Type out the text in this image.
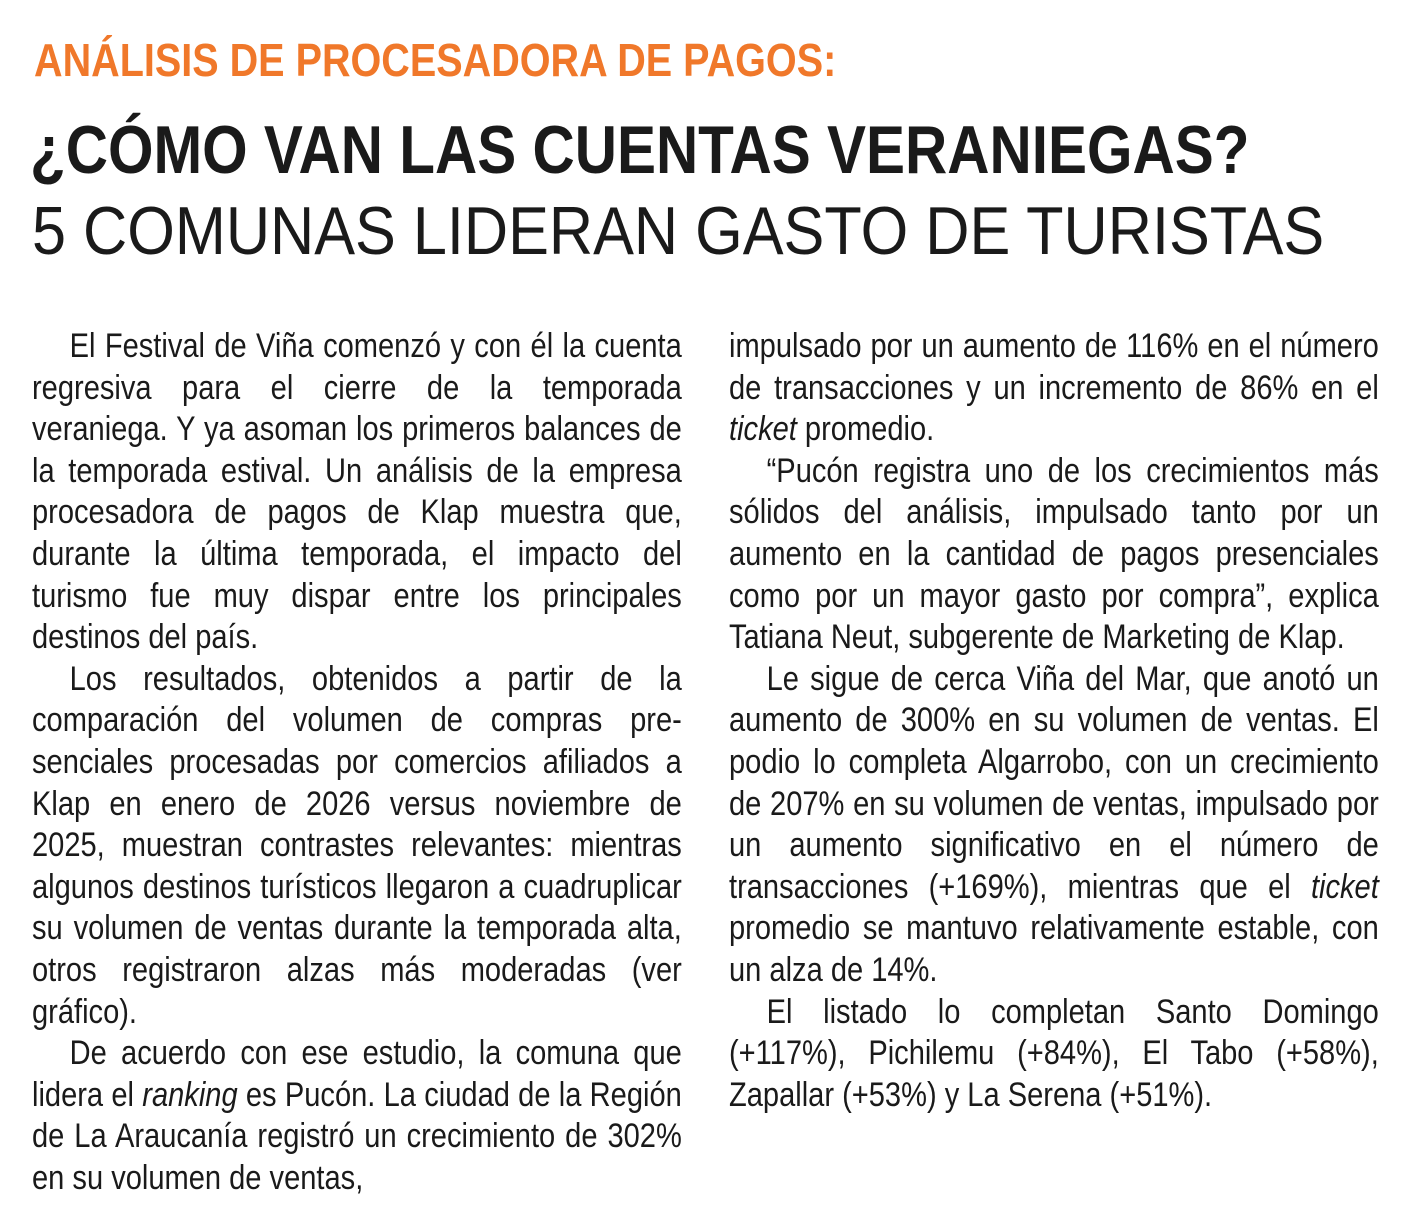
ANÁLISIS DE PROCESADORA DE PAGOS:
¿CÓMO VAN LAS CUENTAS VERANIEGAS?
5 COMUNAS LIDERAN GASTO DE TURISTAS

El Festival de Viña comenzó y con él la cuenta regresiva para el cierre de la temporada veraniega. Y ya asoman los primeros balances de la temporada estival. Un análisis de la empresa procesadora de pagos de Klap muestra que, durante la última temporada, el impacto del turismo fue muy dispar entre los principales destinos del país.

Los resultados, obtenidos a partir de la comparación del volumen de compras presenciales procesadas por comercios afiliados a Klap en enero de 2026 versus noviembre de 2025, muestran contrastes relevantes: mientras algunos destinos turísticos llegaron a cuadruplicar su volumen de ventas durante la temporada alta, otros registraron alzas más moderadas (ver gráfico).

De acuerdo con ese estudio, la comuna que lidera el ranking es Pucón. La ciudad de la Región de La Araucanía registró un crecimiento de 302% en su volumen de ventas,

impulsado por un aumento de 116% en el número de transacciones y un incremento de 86% en el ticket promedio.

“Pucón registra uno de los crecimientos más sólidos del análisis, impulsado tanto por un aumento en la cantidad de pagos presenciales como por un mayor gasto por compra”, explica Tatiana Neut, subgerente de Marketing de Klap.

Le sigue de cerca Viña del Mar, que anotó un aumento de 300% en su volumen de ventas. El podio lo completa Algarrobo, con un crecimiento de 207% en su volumen de ventas, impulsado por un aumento significativo en el número de transacciones (+169%), mientras que el ticket promedio se mantuvo relativamente estable, con un alza de 14%.

El listado lo completan Santo Domingo (+117%), Pichilemu (+84%), El Tabo (+58%), Zapallar (+53%) y La Serena (+51%).
